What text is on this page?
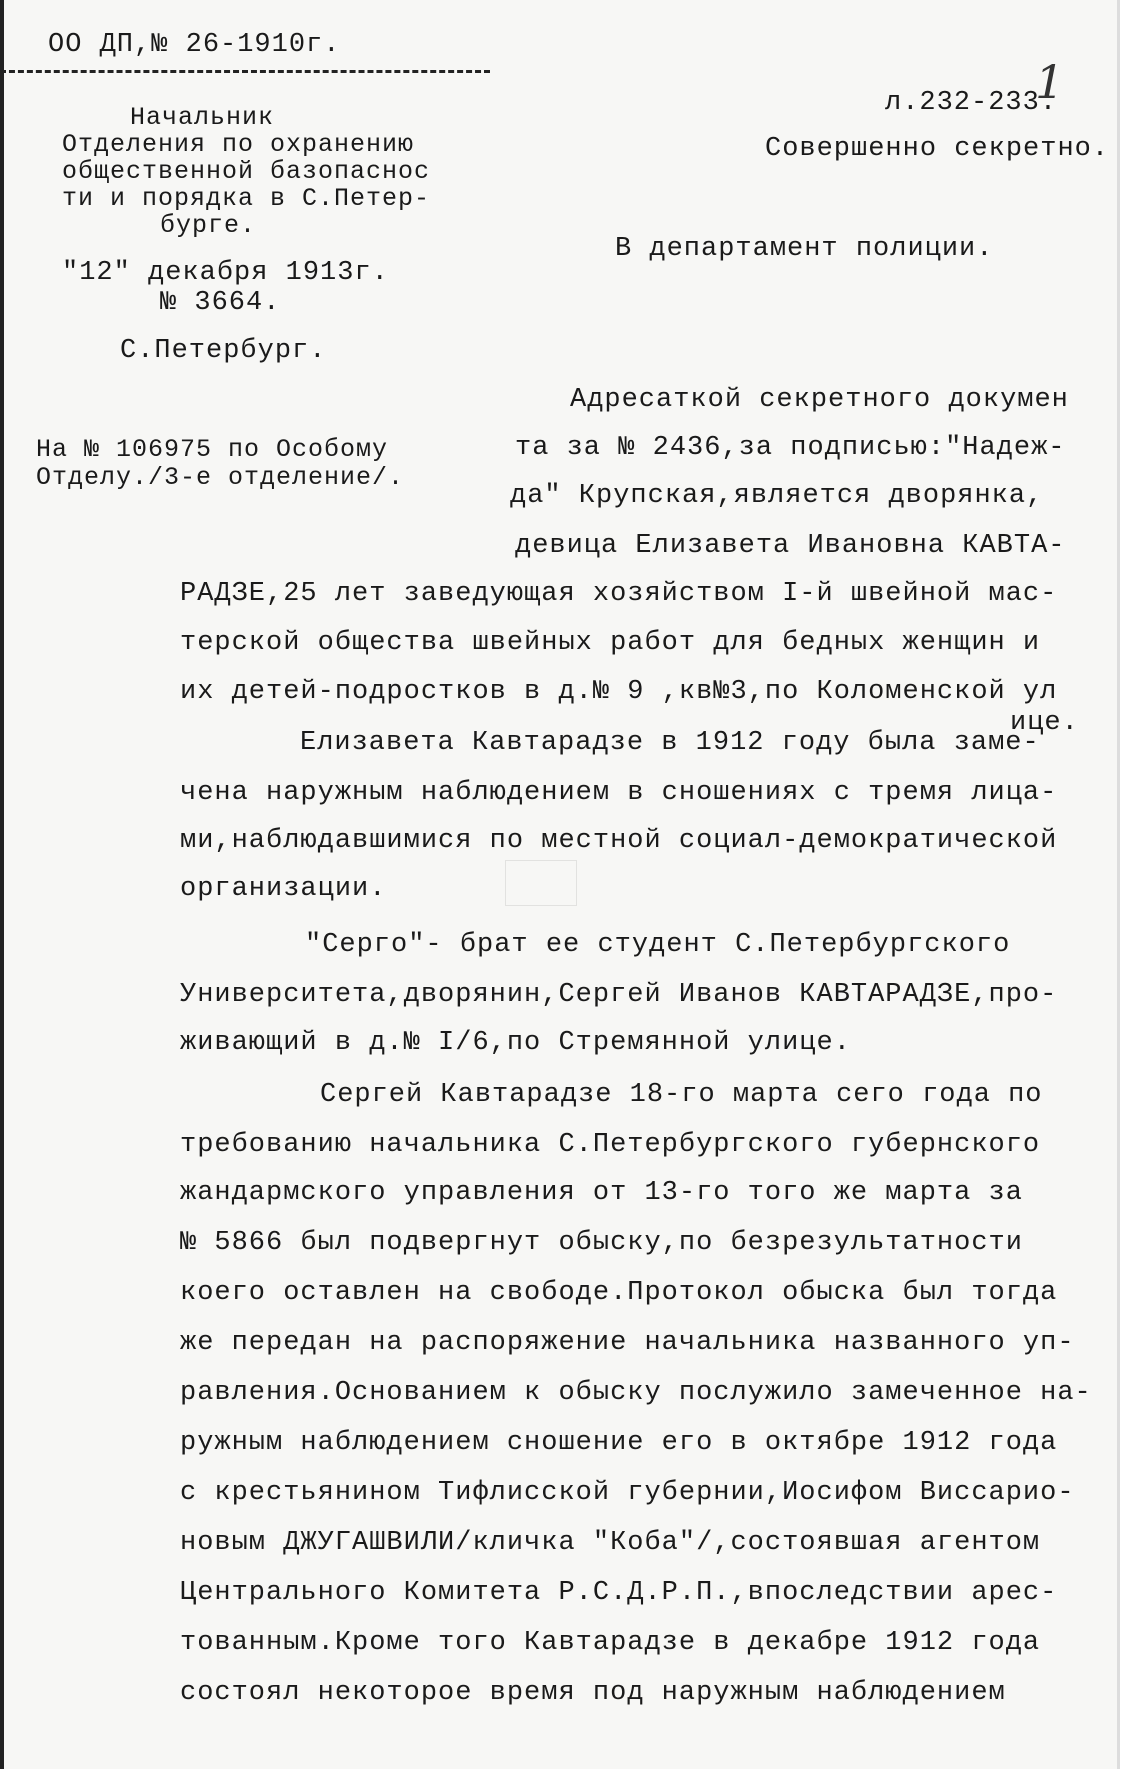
ОО ДП,№ 26-1910г.
Начальник
Отделения по охранению
общественной базопаснос
ти и порядка в С.Петер-
бурге.
"12" декабря 1913г.
№ 3664.
С.Петербург.
На № 106975 по Особому
Отделу./3-е отделение/.
л.232-233.
1
Совершенно секретно.
В департамент полиции.
Адресаткой секретного докумен
та за № 2436,за подписью:"Надеж-
да" Крупская,является дворянка,
девица Елизавета Ивановна КАВТА-
РАДЗЕ,25 лет заведующая хозяйством I-й швейной мас-
терской общества швейных работ для бедных женщин и
их детей-подростков в д.№ 9 ,кв№3,по Коломенской ул
ице.
Елизавета Кавтарадзе в 1912 году была заме-
чена наружным наблюдением в сношениях с тремя лица-
ми,наблюдавшимися по местной социал-демократической
организации.
"Серго"- брат ее студент С.Петербургского
Университета,дворянин,Сергей Иванов КАВТАРАДЗЕ,про-
живающий в д.№ I/6,по Стремянной улице.
Сергей Кавтарадзе 18-го марта сего года по
требованию начальника С.Петербургского губернского
жандармского управления от 13-го того же марта за
№ 5866 был подвергнут обыску,по безрезультатности
коего оставлен на свободе.Протокол обыска был тогда
же передан на распоряжение начальника названного уп-
равления.Основанием к обыску послужило замеченное на-
ружным наблюдением сношение его в октябре 1912 года
с крестьянином Тифлисской губернии,Иосифом Виссарио-
новым ДЖУГАШВИЛИ/кличка "Коба"/,состоявшая агентом
Центрального Комитета Р.С.Д.Р.П.,впоследствии арес-
тованным.Кроме того Кавтарадзе в декабре 1912 года
состоял некоторое время под наружным наблюдением
